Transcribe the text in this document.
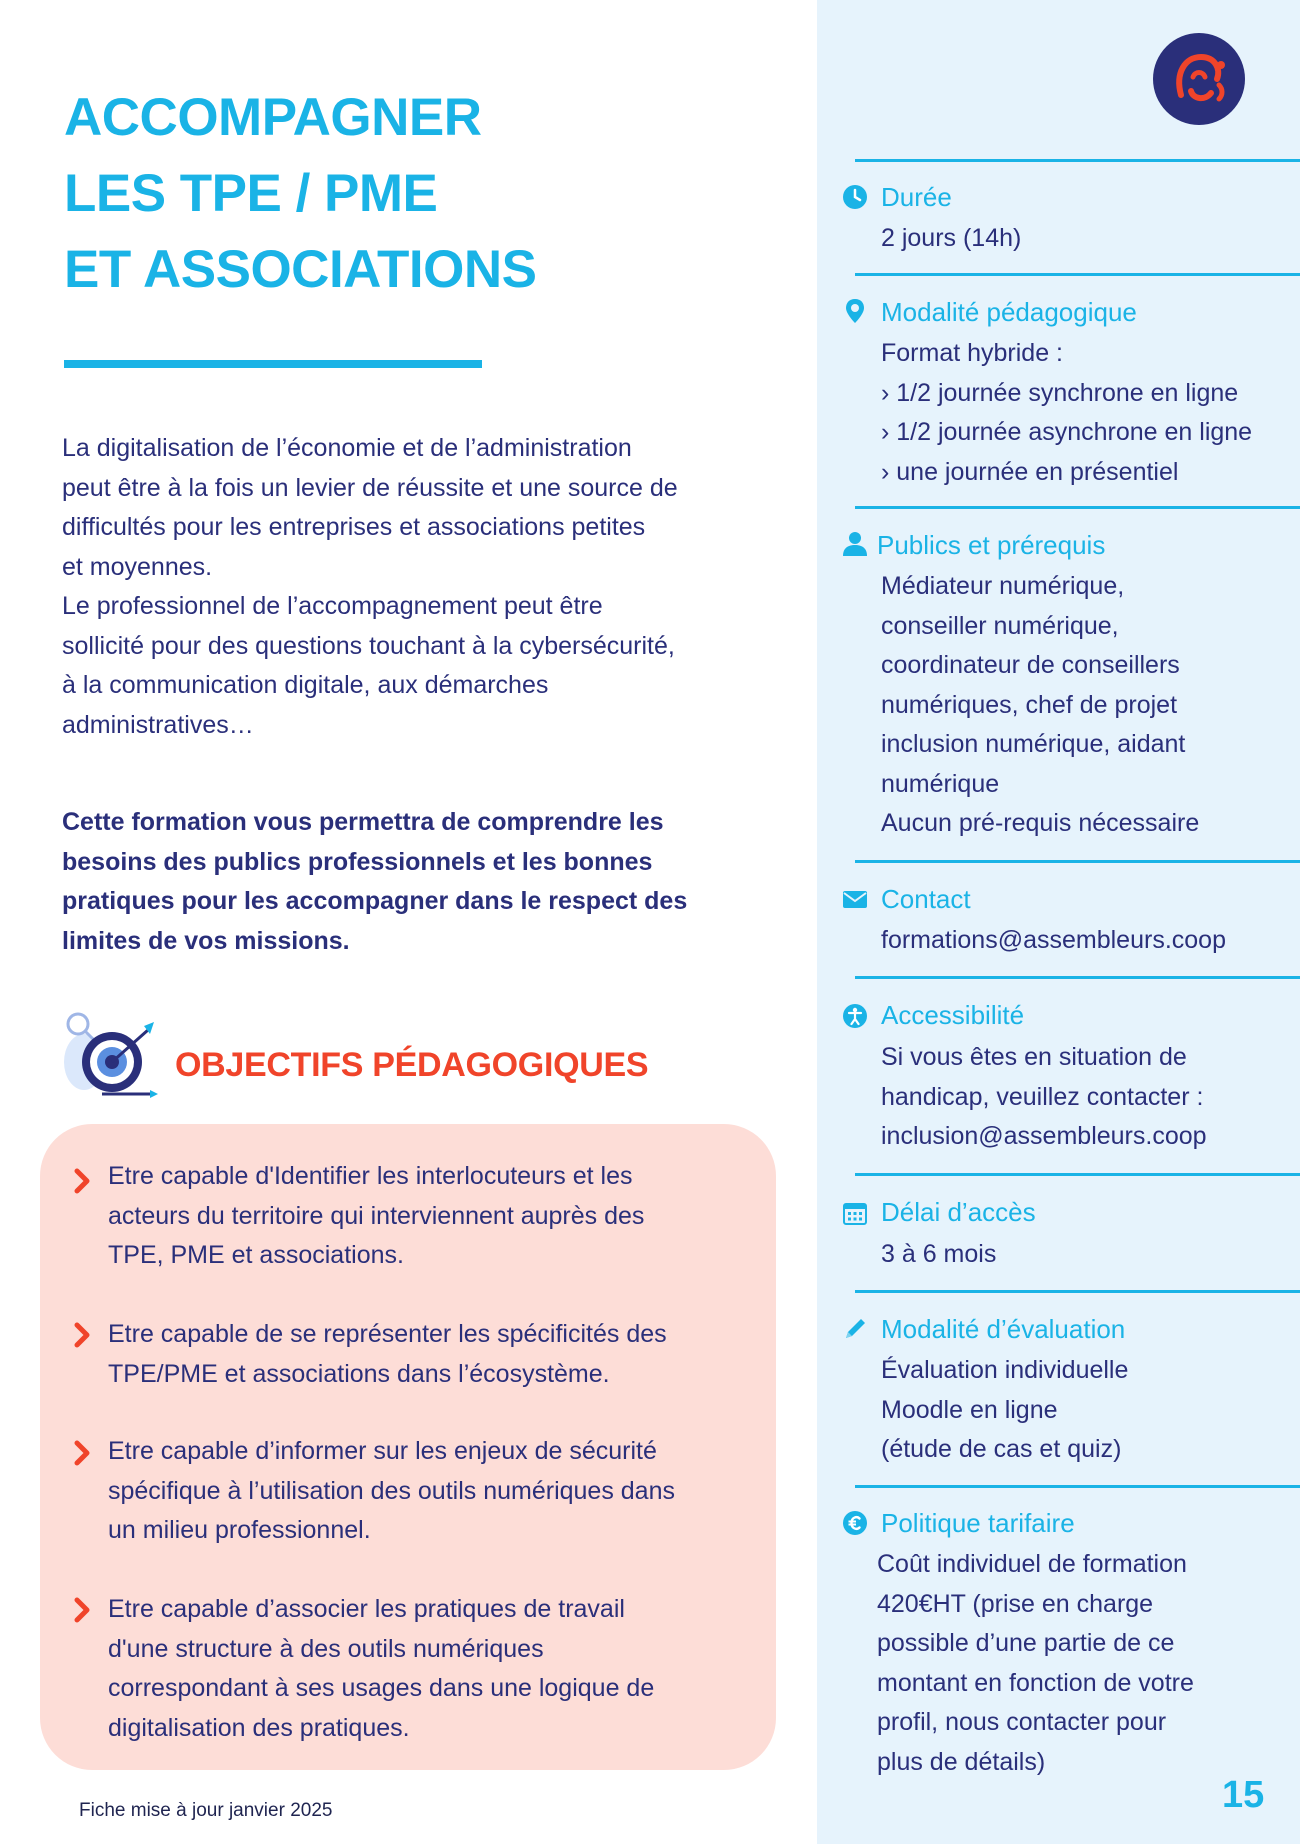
ACCOMPAGNER
LES TPE / PME
ET ASSOCIATIONS
La digitalisation de l’économie et de l’administration
peut être à la fois un levier de réussite et une source de
difficultés pour les entreprises et associations petites
et moyennes.
Le professionnel de l’accompagnement peut être
sollicité pour des questions touchant à la cybersécurité,
à la communication digitale, aux démarches
administratives…
Cette formation vous permettra de comprendre les
besoins des publics professionnels et les bonnes
pratiques pour les accompagner dans le respect des
limites de vos missions.
OBJECTIFS PÉDAGOGIQUES
Etre capable d'Identifier les interlocuteurs et les
acteurs du territoire qui interviennent auprès des
TPE, PME et associations.
Etre capable de se représenter les spécificités des
TPE/PME et associations dans l’écosystème.
Etre capable d’informer sur les enjeux de sécurité
spécifique à l’utilisation des outils numériques dans
un milieu professionnel.
Etre capable d’associer les pratiques de travail
d'une structure à des outils numériques
correspondant à ses usages dans une logique de
digitalisation des pratiques.
Fiche mise à jour janvier 2025
Durée
2 jours (14h)
Modalité pédagogique
Format hybride :
› 1/2 journée synchrone en ligne
› 1/2 journée asynchrone en ligne
› une journée en présentiel
Publics et prérequis
Médiateur numérique,
conseiller numérique,
coordinateur de conseillers
numériques, chef de projet
inclusion numérique, aidant
numérique
Aucun pré-requis nécessaire
Contact
formations@assembleurs.coop
Accessibilité
Si vous êtes en situation de
handicap, veuillez contacter :
inclusion@assembleurs.coop
Délai d’accès
3 à 6 mois
Modalité d’évaluation
Évaluation individuelle
Moodle en ligne
(étude de cas et quiz)
Politique tarifaire
Coût individuel de formation
420€HT (prise en charge
possible d’une partie de ce
montant en fonction de votre
profil, nous contacter pour
plus de détails)
15
